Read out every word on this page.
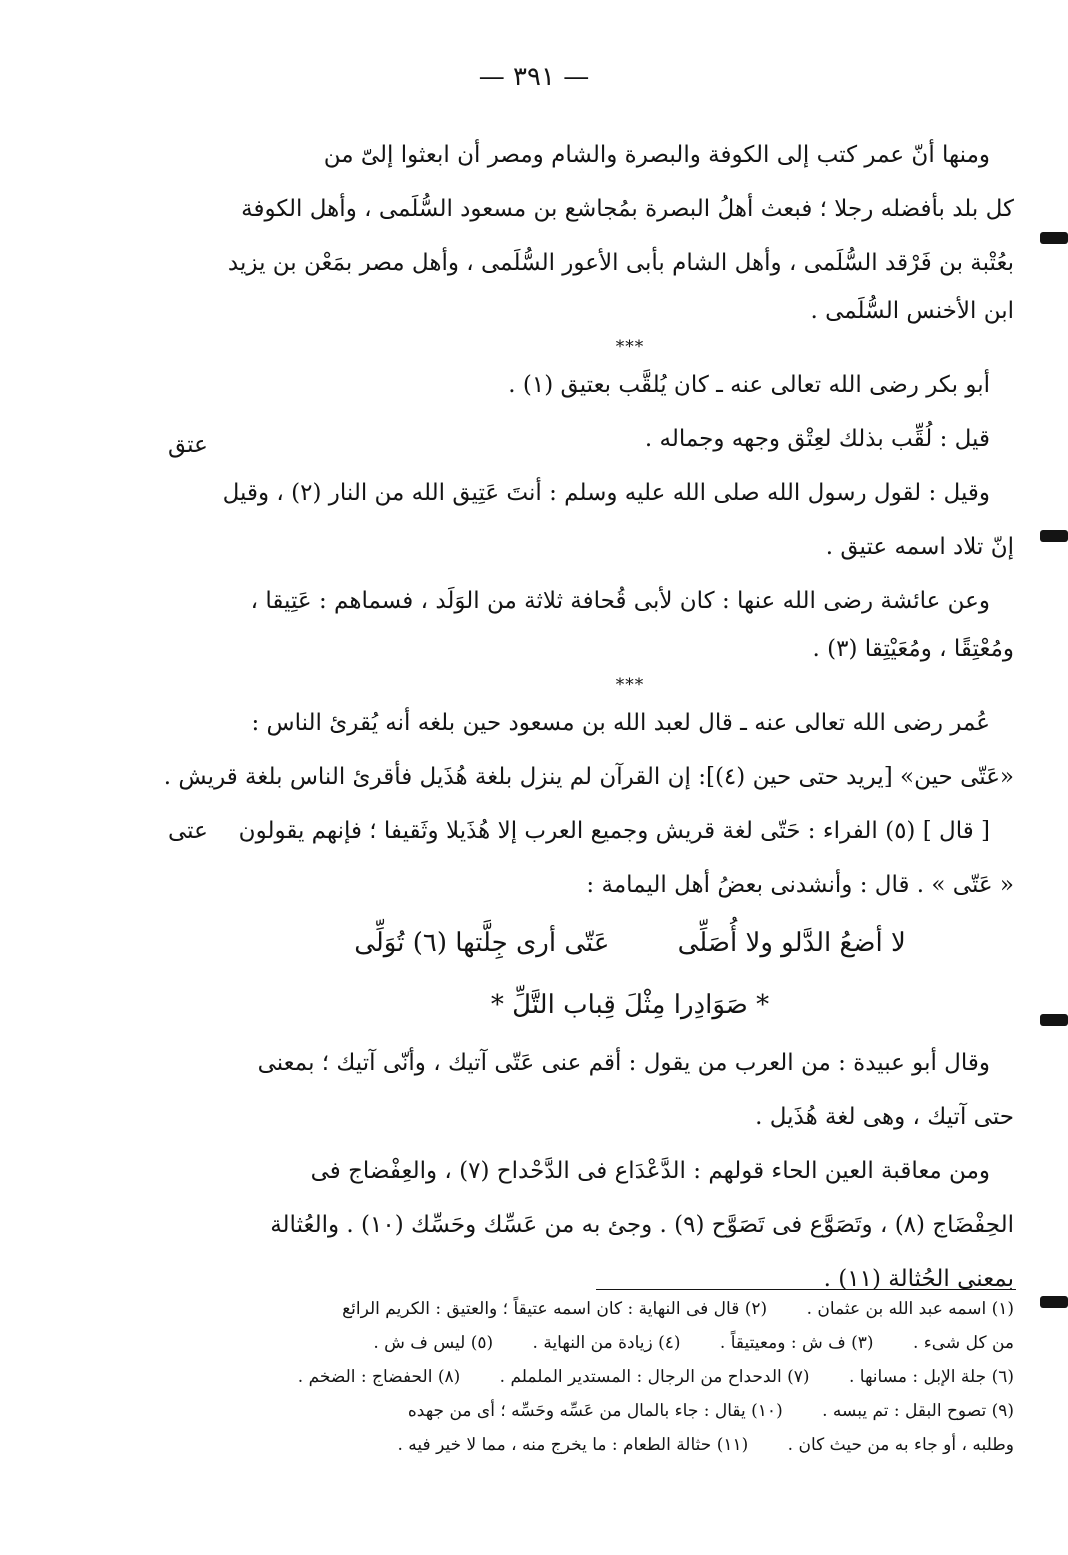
— ٣٩١ —
ومنها أنّ عمر كتب إلى الكوفة والبصرة والشام ومصر أن ابعثوا إلىّ من
كل بلد بأفضله رجلا ؛ فبعث أهلُ البصرة بمُجاشع بن مسعود السُّلَمى ، وأهل الكوفة
بعُتْبة بن فَرْقد السُّلَمى ، وأهل الشام بأبى الأعور السُّلَمى ، وأهل مصر بمَعْن بن يزيد
ابن الأخنس السُّلَمى .
***
أبو بكر رضى الله تعالى عنه ـ كان يُلقَّب بعتيق (١) .
قيل : لُقِّب بذلك لعِتْق وجهه وجماله .
وقيل : لقول رسول الله صلى الله عليه وسلم : أنتَ عَتِيق الله من النار (٢) ، وقيل
إنّ تلاد اسمه عتيق .
وعن عائشة رضى الله عنها : كان لأبى قُحافة ثلاثة من الوَلَد ، فسماهم : عَتِيقا ،
ومُعْتِقًا ، ومُعَيْتِقا (٣) .
***
عُمر رضى الله تعالى عنه ـ قال لعبد الله بن مسعود حين بلغه أنه يُقرئ الناس :
«عَتّى حين» [يريد حتى حين (٤)]: إن القرآن لم ينزل بلغة هُذَيل فأقرئ الناس بلغة قريش .
[ قال ] (٥) الفراء : حَتّى لغة قريش وجميع العرب إلا هُذَيلا وثَقيفا ؛ فإنهم يقولون
« عَتّى » . قال : وأنشدنى بعضُ أهل اليمامة :
لا أضعُ الدَّلو ولا أُصَلِّى عَتّى أرى جِلَّتها (٦) تُوَلِّى
* صَوَادِرا مِثْلَ قِباب التَّلِّ *
وقال أبو عبيدة : من العرب من يقول : أقم عنى عَتّى آتيك ، وأنّى آتيك ؛ بمعنى
حتى آتيك ، وهى لغة هُذَيل .
ومن معاقبة العين الحاء قولهم : الدَّعْدَاع فى الدَّحْداح (٧) ، والعِفْضاج فى
الحِفْضَاج (٨) ، وتَصَوَّع فى تَصَوَّح (٩) . وجئ به من عَسِّك وحَسِّك (١٠) . والعُثالة
بمعنى الحُثالة (١١) .
عتق
عتى
(١) اسمه عبد الله بن عثمان . (٢) قال فى النهاية : كان اسمه عتيقاً ؛ والعتيق : الكريم الرائع
من كل شىء . (٣) ف ش : ومعيتيقاً . (٤) زيادة من النهاية . (٥) ليس ف ش .
(٦) جلة الإبل : مسانها . (٧) الدحداح من الرجال : المستدير الململم . (٨) الحفضاج : الضخم .
(٩) تصوح البقل : تم يبسه . (١٠) يقال : جاء بالمال من عَسِّه وحَسِّه ؛ أى من جهده
وطلبه ، أو جاء به من حيث كان . (١١) حثالة الطعام : ما يخرج منه ، مما لا خير فيه .
